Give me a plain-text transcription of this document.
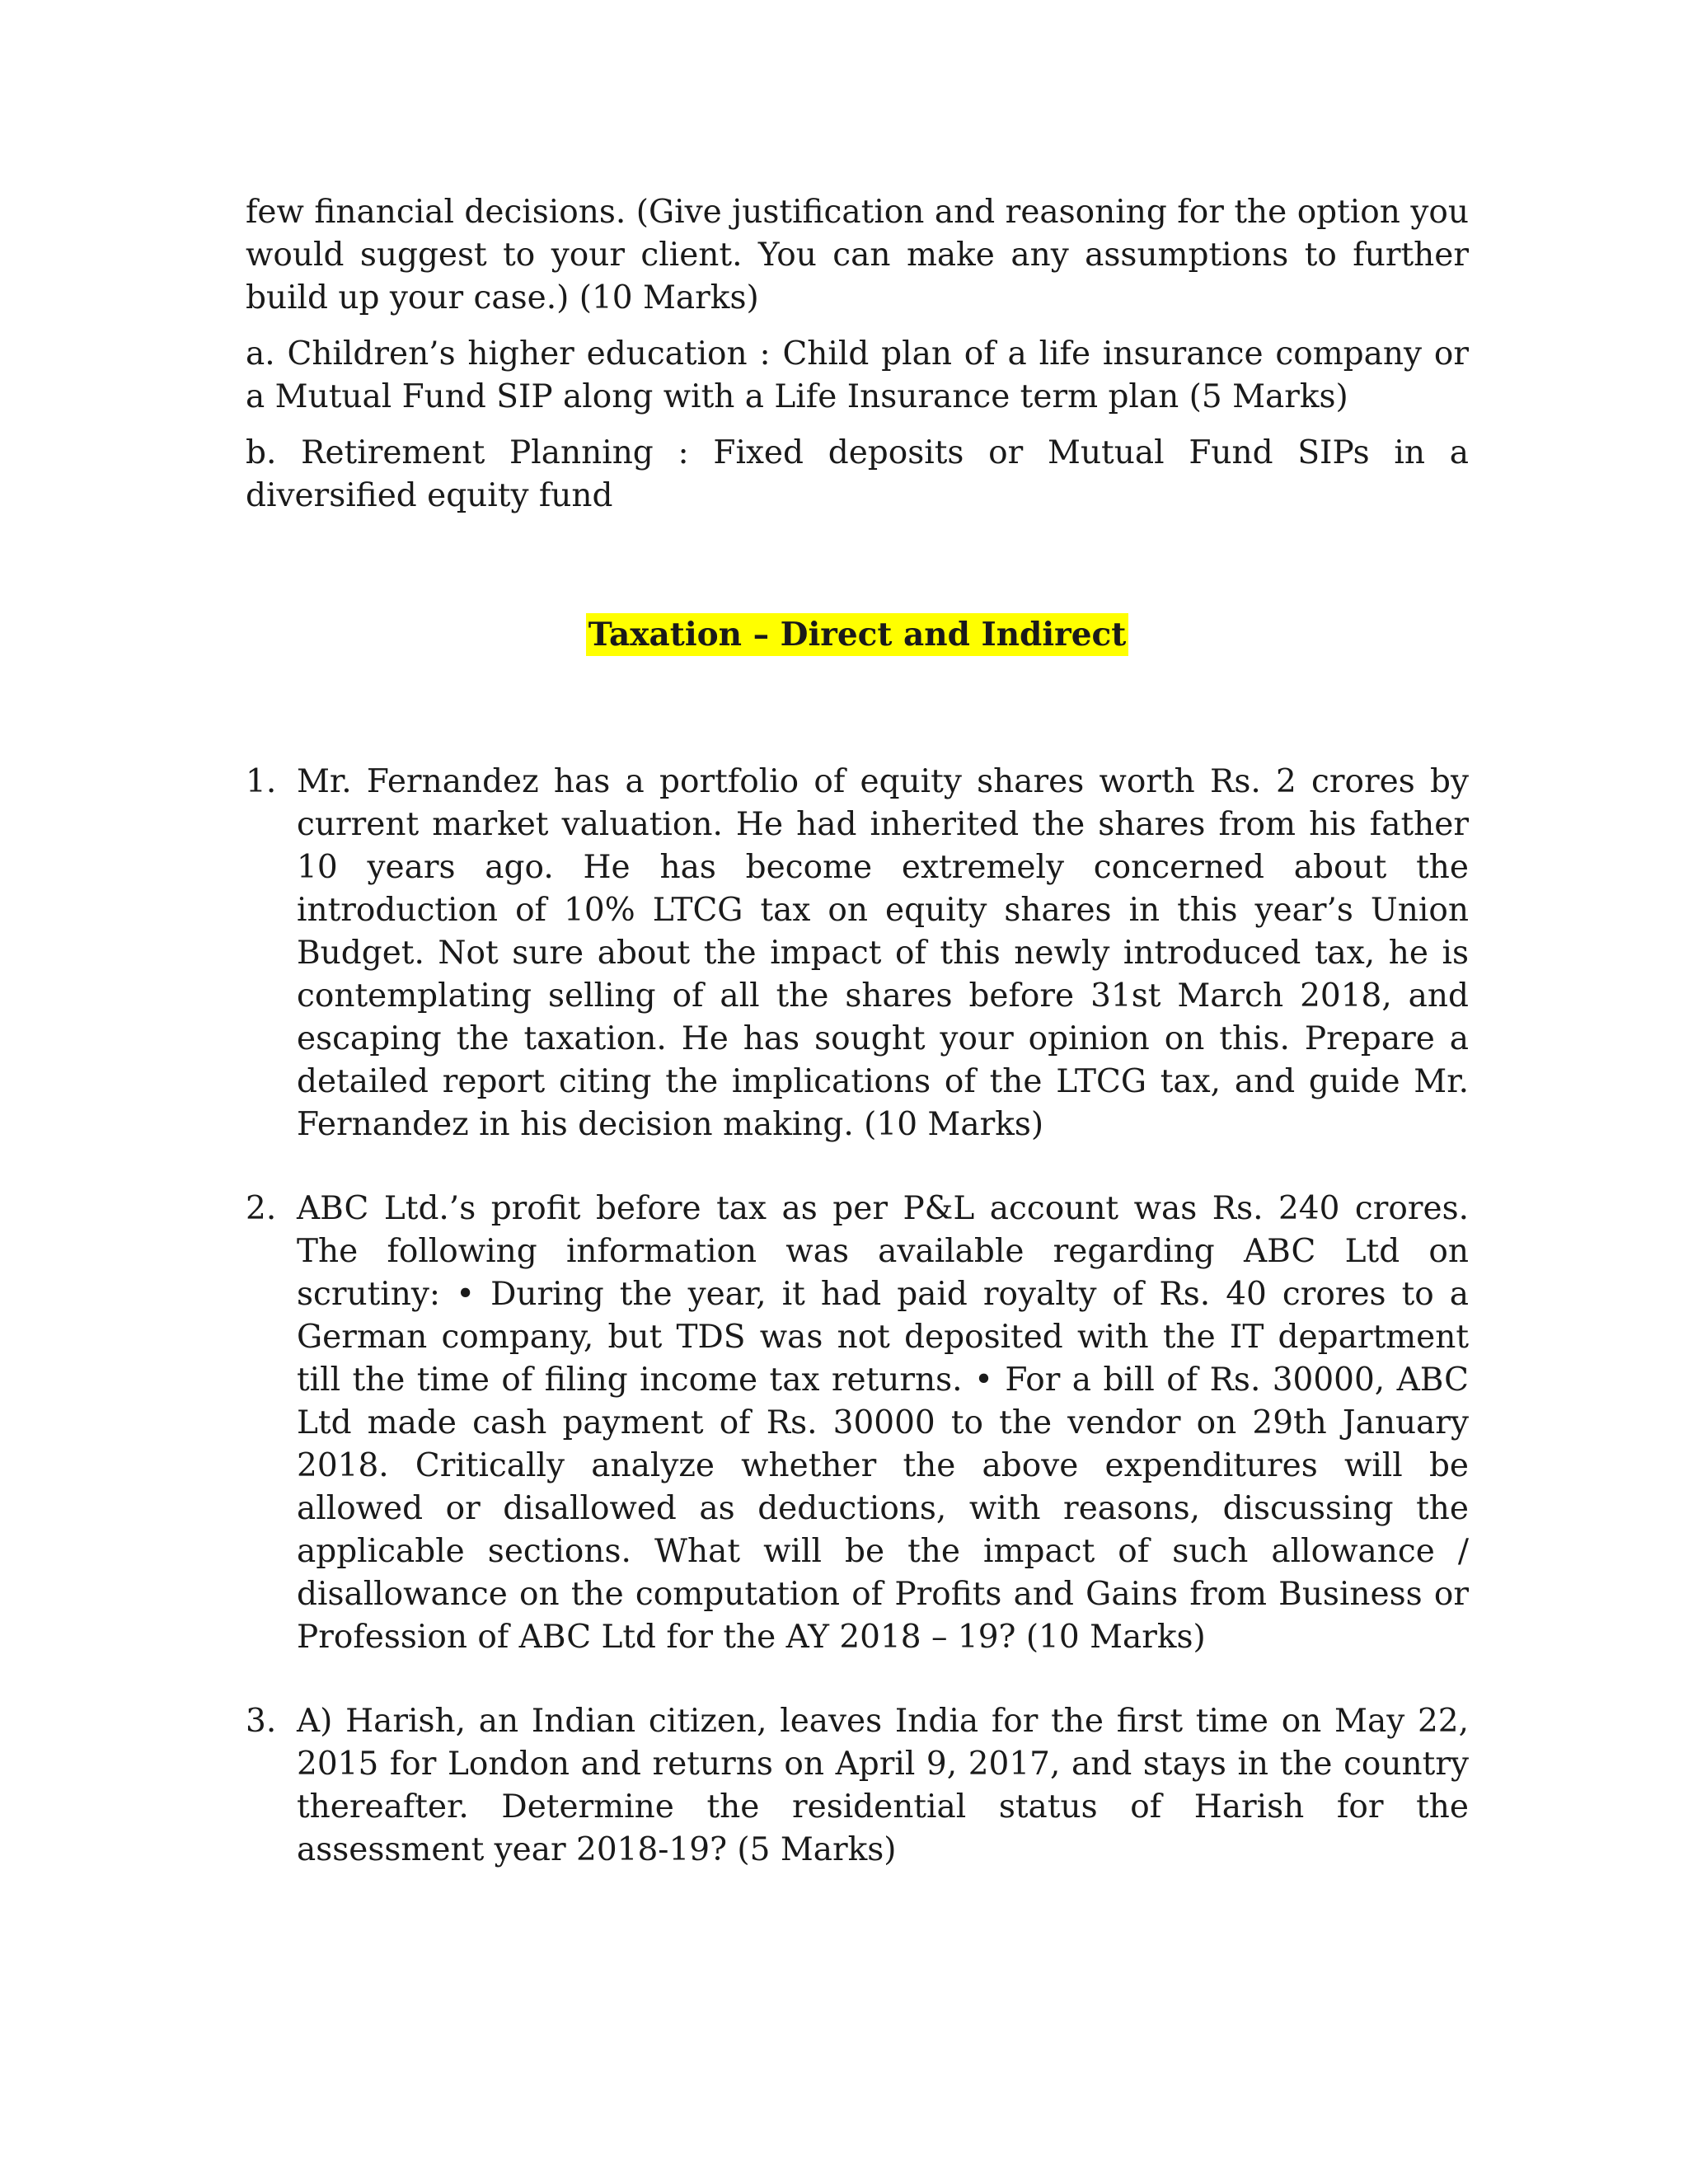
few financial decisions. (Give justification and reasoning for the option you would suggest to your client. You can make any assumptions to further build up your case.) (10 Marks)

a. Children’s higher education : Child plan of a life insurance company or a Mutual Fund SIP along with a Life Insurance term plan (5 Marks)

b. Retirement Planning : Fixed deposits or Mutual Fund SIPs in a diversified equity fund

Taxation – Direct and Indirect
1. Mr. Fernandez has a portfolio of equity shares worth Rs. 2 crores by current market valuation. He had inherited the shares from his father 10 years ago. He has become extremely concerned about the introduction of 10% LTCG tax on equity shares in this year’s Union Budget. Not sure about the impact of this newly introduced tax, he is contemplating selling of all the shares before 31st March 2018, and escaping the taxation. He has sought your opinion on this. Prepare a detailed report citing the implications of the LTCG tax, and guide Mr. Fernandez in his decision making. (10 Marks)
2. ABC Ltd.’s profit before tax as per P&L account was Rs. 240 crores. The following information was available regarding ABC Ltd on scrutiny: • During the year, it had paid royalty of Rs. 40 crores to a German company, but TDS was not deposited with the IT department till the time of filing income tax returns. • For a bill of Rs. 30000, ABC Ltd made cash payment of Rs. 30000 to the vendor on 29th January 2018. Critically analyze whether the above expenditures will be allowed or disallowed as deductions, with reasons, discussing the applicable sections. What will be the impact of such allowance / disallowance on the computation of Profits and Gains from Business or Profession of ABC Ltd for the AY 2018 – 19? (10 Marks)
3. A) Harish, an Indian citizen, leaves India for the first time on May 22, 2015 for London and returns on April 9, 2017, and stays in the country thereafter. Determine the residential status of Harish for the assessment year 2018-19? (5 Marks)
